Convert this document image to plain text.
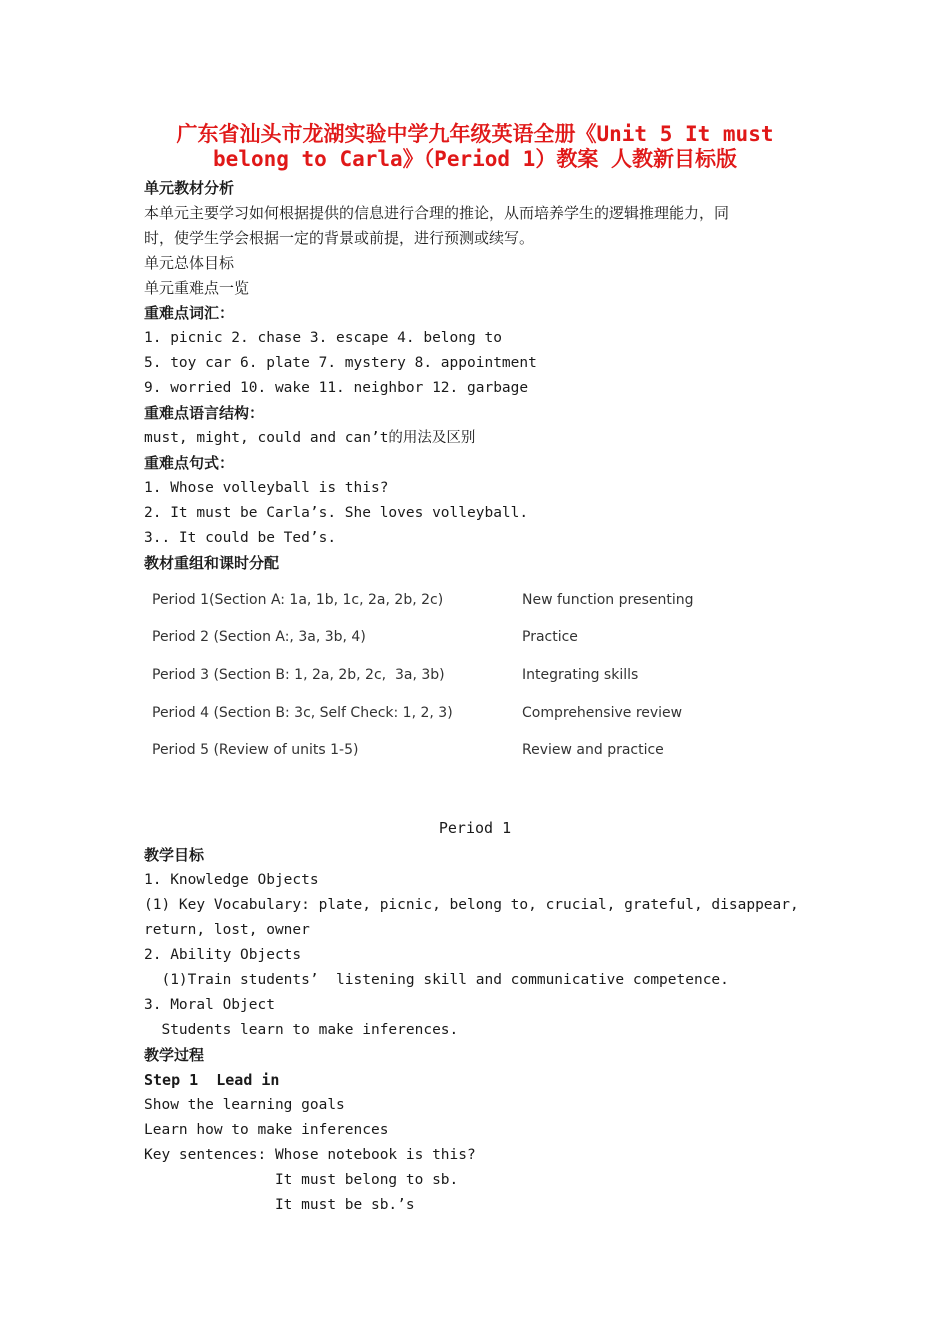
广东省汕头市龙湖实验中学九年级英语全册《Unit 5 It must
belong to Carla》（Period 1）教案 人教新目标版
单元教材分析
本单元主要学习如何根据提供的信息进行合理的推论，从而培养学生的逻辑推理能力，同
时，使学生学会根据一定的背景或前提，进行预测或续写。
单元总体目标
单元重难点一览
重难点词汇：
1. picnic 2. chase 3. escape 4. belong to
5. toy car 6. plate 7. mystery 8. appointment
9. worried 10. wake 11. neighbor 12. garbage
重难点语言结构：
must, might, could and can’t的用法及区别
重难点句式：
1. Whose volleyball is this?
2. It must be Carla’s. She loves volleyball.
3.. It could be Ted’s.
教材重组和课时分配
Period 1(Section A: 1a, 1b, 1c, 2a, 2b, 2c)	New function presenting
Period 2 (Section A:, 3a, 3b, 4)	Practice
Period 3 (Section B: 1, 2a, 2b, 2c,  3a, 3b)	Integrating skills
Period 4 (Section B: 3c, Self Check: 1, 2, 3)	Comprehensive review
Period 5 (Review of units 1-5)	Review and practice
Period 1
教学目标
1. Knowledge Objects
(1) Key Vocabulary: plate, picnic, belong to, crucial, grateful, disappear,
return, lost, owner
2. Ability Objects
(1)Train students’  listening skill and communicative competence.
3. Moral Object
Students learn to make inferences.
教学过程
Step 1  Lead in
Show the learning goals
Learn how to make inferences
Key sentences: Whose notebook is this?
It must belong to sb.
It must be sb.’s
